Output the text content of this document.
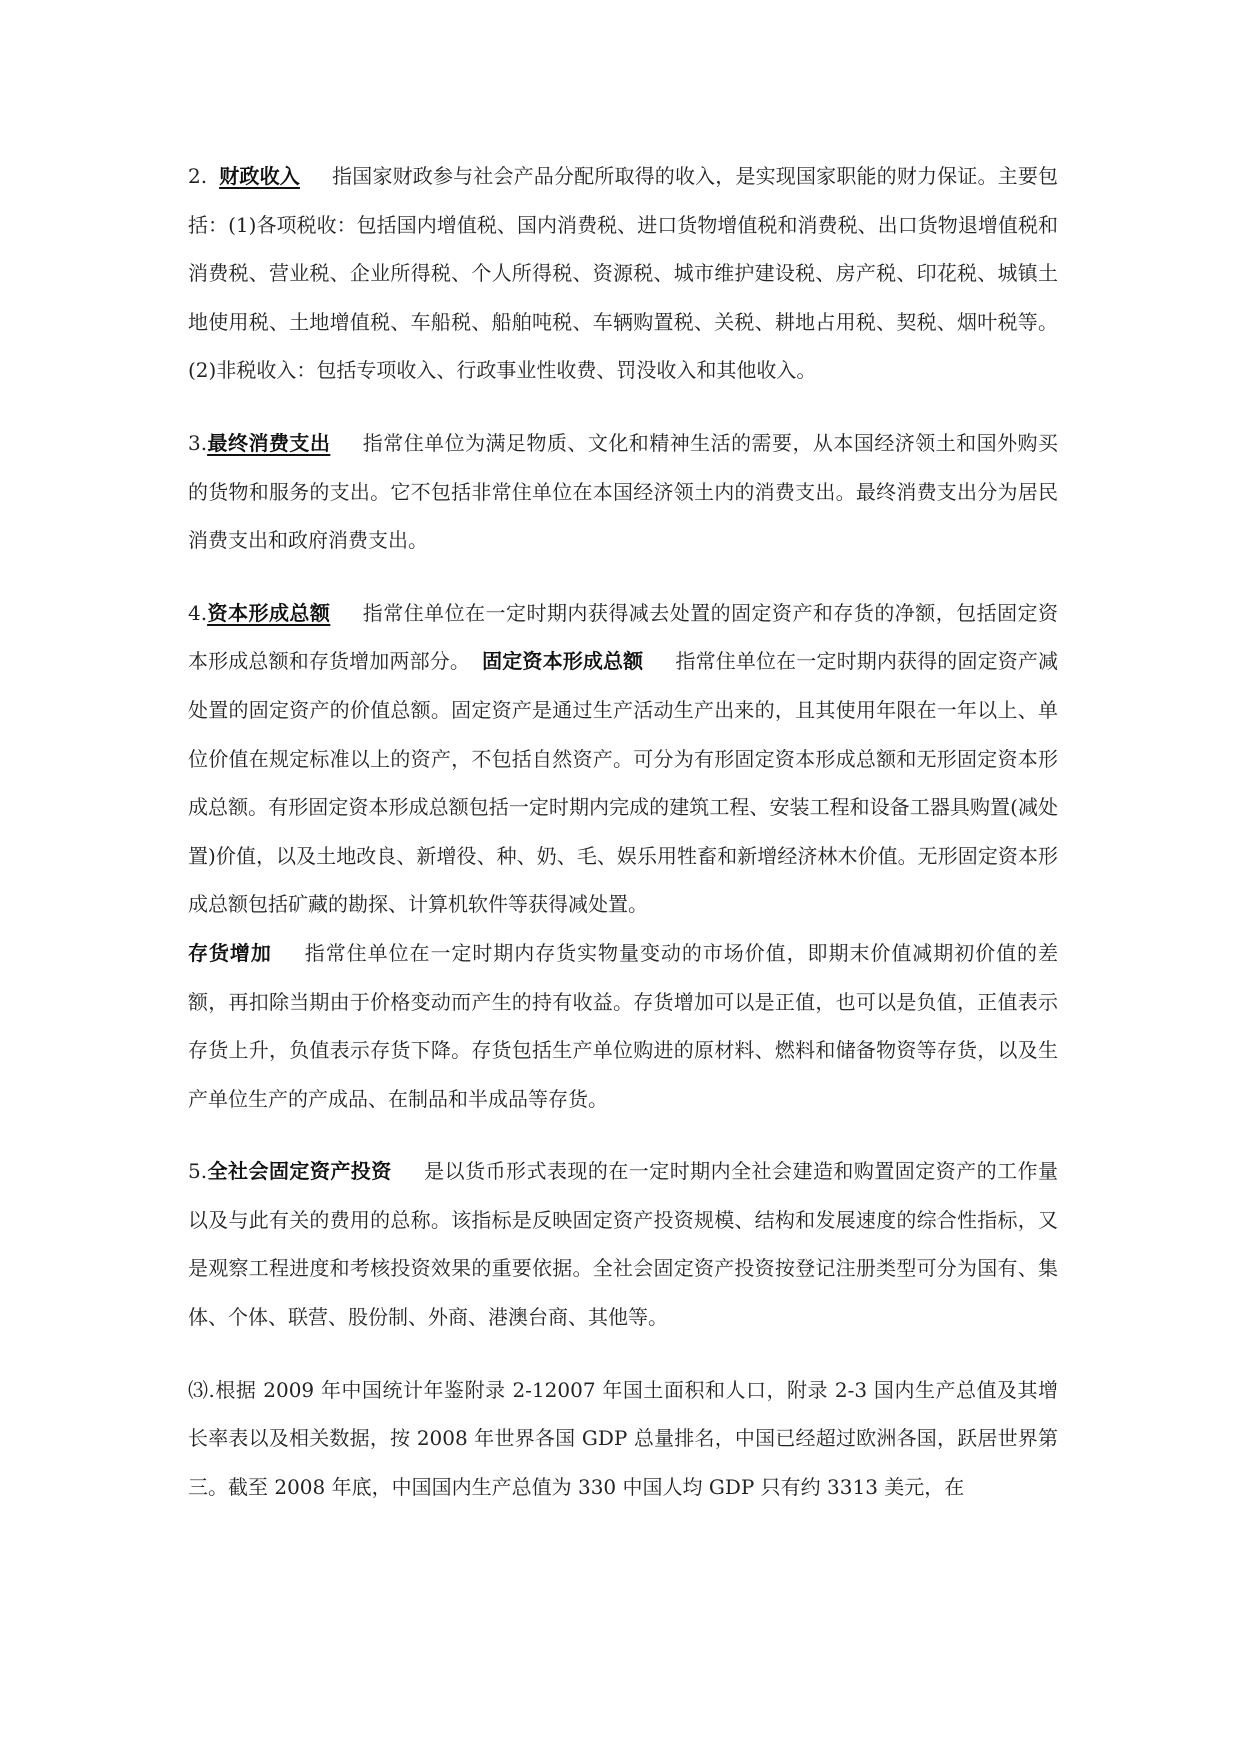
2. 财政收入 指国家财政参与社会产品分配所取得的收入，是实现国家职能的财力保证。主要包括：(1)各项税收：包括国内增值税、国内消费税、进口货物增值税和消费税、出口货物退增值税和消费税、营业税、企业所得税、个人所得税、资源税、城市维护建设税、房产税、印花税、城镇土地使用税、土地增值税、车船税、船舶吨税、车辆购置税、关税、耕地占用税、契税、烟叶税等。(2)非税收入：包括专项收入、行政事业性收费、罚没收入和其他收入。

3.最终消费支出 指常住单位为满足物质、文化和精神生活的需要，从本国经济领土和国外购买的货物和服务的支出。它不包括非常住单位在本国经济领土内的消费支出。最终消费支出分为居民消费支出和政府消费支出。

4.资本形成总额 指常住单位在一定时期内获得减去处置的固定资产和存货的净额，包括固定资本形成总额和存货增加两部分。 固定资本形成总额 指常住单位在一定时期内获得的固定资产减处置的固定资产的价值总额。固定资产是通过生产活动生产出来的，且其使用年限在一年以上、单位价值在规定标准以上的资产，不包括自然资产。可分为有形固定资本形成总额和无形固定资本形成总额。有形固定资本形成总额包括一定时期内完成的建筑工程、安装工程和设备工器具购置(减处置)价值，以及土地改良、新增役、种、奶、毛、娱乐用牲畜和新增经济林木价值。无形固定资本形成总额包括矿藏的勘探、计算机软件等获得减处置。
存货增加 指常住单位在一定时期内存货实物量变动的市场价值，即期末价值减期初价值的差额，再扣除当期由于价格变动而产生的持有收益。存货增加可以是正值，也可以是负值，正值表示存货上升，负值表示存货下降。存货包括生产单位购进的原材料、燃料和储备物资等存货，以及生产单位生产的产成品、在制品和半成品等存货。

5.全社会固定资产投资 是以货币形式表现的在一定时期内全社会建造和购置固定资产的工作量以及与此有关的费用的总称。该指标是反映固定资产投资规模、结构和发展速度的综合性指标，又是观察工程进度和考核投资效果的重要依据。全社会固定资产投资按登记注册类型可分为国有、集体、个体、联营、股份制、外商、港澳台商、其他等。

⑶.根据 2009 年中国统计年鉴附录 2-12007 年国土面积和人口，附录 2-3 国内生产总值及其增长率表以及相关数据，按 2008 年世界各国 GDP 总量排名，中国已经超过欧洲各国，跃居世界第三。截至 2008 年底，中国国内生产总值为 330 中国人均 GDP 只有约 3313 美元，在
